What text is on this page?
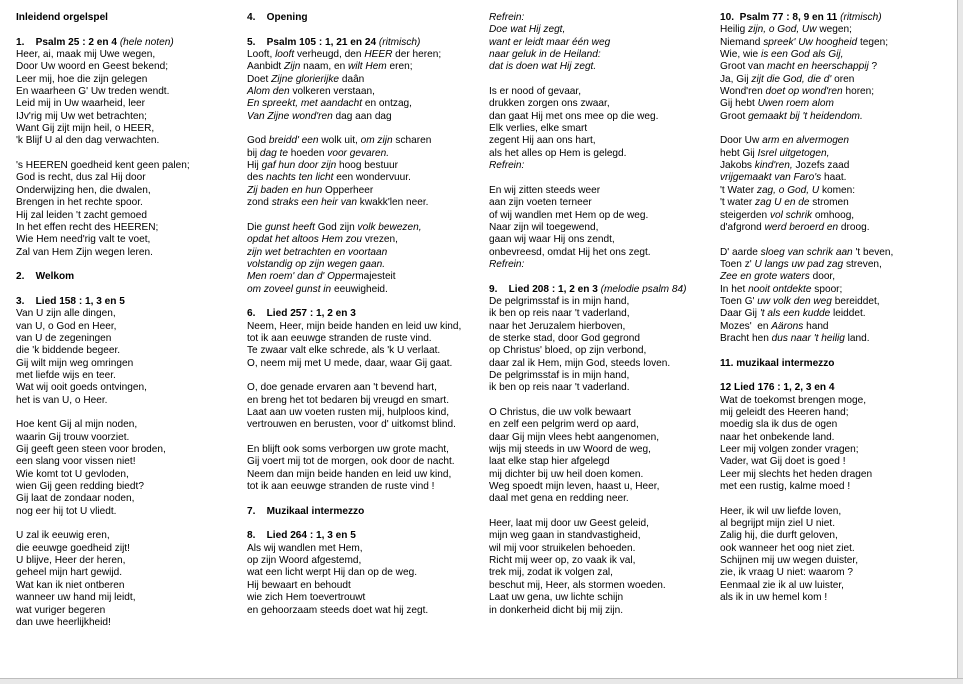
Inleidend orgelspel
1.    Psalm 25 : 2 en 4 (hele noten)
Heer, ai, maak mij Uwe wegen,
Door Uw woord en Geest bekend;
Leer mij, hoe die zijn gelegen
En waarheen G' Uw treden wendt.
Leid mij in Uw waarheid, leer
IJv'rig mij Uw wet betrachten;
Want Gij zijt mijn heil, o HEER,
'k Blijf U al den dag verwachten.
's HEEREN goedheid kent geen palen;
God is recht, dus zal Hij door
Onderwijzing hen, die dwalen,
Brengen in het rechte spoor.
Hij zal leiden 't zacht gemoed
In het effen recht des HEEREN;
Wie Hem need'rig valt te voet,
Zal van Hem Zijn wegen leren.
2.    Welkom
3.    Lied 158 : 1, 3 en 5
Van U zijn alle dingen,
van U, o God en Heer,
van U de zegeningen
die 'k biddende begeer.
Gij wilt mijn weg omringen
met liefde wijs en teer.
Wat wij ooit goeds ontvingen,
het is van U, o Heer.
Hoe kent Gij al mijn noden,
waarin Gij trouw voorziet.
Gij geeft geen steen voor broden,
een slang voor vissen niet!
Wie komt tot U gevloden,
wien Gij geen redding biedt?
Gij laat de zondaar noden,
nog eer hij tot U vliedt.
U zal ik eeuwig eren,
die eeuwge goedheid zijt!
U blijve, Heer der heren,
geheel mijn hart gewijd.
Wat kan ik niet ontberen
wanneer uw hand mij leidt,
wat vuriger begeren
dan uwe heerlijkheid!
4.    Opening
5.    Psalm 105 : 1, 21 en 24 (ritmisch)
Looft, looft verheugd, den HEER der heren;
Aanbidt Zijn naam, en wilt Hem eren;
Doet Zijne glorierijke daân
Alom den volkeren verstaan,
En spreekt, met aandacht en ontzag,
Van Zijne wond'ren dag aan dag
God breidd' een wolk uit, om zijn scharen
bij dag te hoeden voor gevaren.
Hij gaf hun door zijn hoog bestuur
des nachts ten licht een wondervuur.
Zij baden en hun Opperheer
zond straks een heir van kwakk'len neer.
Die gunst heeft God zijn volk bewezen,
opdat het altoos Hem zou vrezen,
zijn wet betrachten en voortaan
volstandig op zijn wegen gaan.
Men roem' dan d' Oppermajesteit
om zoveel gunst in eeuwigheid.
6.    Lied 257 : 1, 2 en 3
Neem, Heer, mijn beide handen en leid uw kind,
tot ik aan eeuwge stranden de ruste vind.
Te zwaar valt elke schrede, als 'k U verlaat.
O, neem mij met U mede, daar, waar Gij gaat.
O, doe genade ervaren aan 't bevend hart,
en breng het tot bedaren bij vreugd en smart.
Laat aan uw voeten rusten mij, hulploos kind,
vertrouwen en berusten, voor d' uitkomst blind.
En blijft ook soms verborgen uw grote macht,
Gij voert mij tot de morgen, ook door de nacht.
Neem dan mijn beide handen en leid uw kind,
tot ik aan eeuwge stranden de ruste vind !
7.    Muzikaal intermezzo
8.    Lied 264 : 1, 3 en 5
Als wij wandlen met Hem,
op zijn Woord afgestemd,
wat een licht werpt Hij dan op de weg.
Hij bewaart en behoudt
wie zich Hem toevertrouwt
en gehoorzaam steeds doet wat hij zegt.
Refrein:
Doe wat Hij zegt,
want er leidt maar één weg
naar geluk in de Heiland:
dat is doen wat Hij zegt.
Is er nood of gevaar,
drukken zorgen ons zwaar,
dan gaat Hij met ons mee op die weg.
Elk verlies, elke smart
zegent Hij aan ons hart,
als het alles op Hem is gelegd.
Refrein:
En wij zitten steeds weer
aan zijn voeten terneer
of wij wandlen met Hem op de weg.
Naar zijn wil toegewend,
gaan wij waar Hij ons zendt,
onbevreesd, omdat Hij het ons zegt.
Refrein:
9.    Lied 208 : 1, 2 en 3 (melodie psalm 84)
De pelgrimsstaf is in mijn hand,
ik ben op reis naar 't vaderland,
naar het Jeruzalem hierboven,
de sterke stad, door God gegrond
op Christus' bloed, op zijn verbond,
daar zal ik Hem, mijn God, steeds loven.
De pelgrimsstaf is in mijn hand,
ik ben op reis naar 't vaderland.
O Christus, die uw volk bewaart
en zelf een pelgrim werd op aard,
daar Gij mijn vlees hebt aangenomen,
wijs mij steeds in uw Woord de weg,
laat elke stap hier afgelegd
mij dichter bij uw heil doen komen.
Weg spoedt mijn leven, haast u, Heer,
daal met gena en redding neer.
Heer, laat mij door uw Geest geleid,
mijn weg gaan in standvastigheid,
wil mij voor struikelen behoeden.
Richt mij weer op, zo vaak ik val,
trek mij, zodat ik volgen zal,
beschut mij, Heer, als stormen woeden.
Laat uw gena, uw lichte schijn
in donkerheid dicht bij mij zijn.
10.  Psalm 77 : 8, 9 en 11 (ritmisch)
Heilig zijn, o God, Uw wegen;
Niemand spreek' Uw hoogheid tegen;
Wie, wie is een God als Gij,
Groot van macht en heerschappij ?
Ja, Gij zijt die God, die d' oren
Wond'ren doet op wond'ren horen;
Gij hebt Uwen roem alom
Groot gemaakt bij 't heidendom.
Door Uw arm en alvermogen
hebt Gij Isrel uitgetogen,
Jakobs kind'ren, Jozefs zaad
vrijgemaakt van Faro's haat.
't Water zag, o God, U komen:
't water zag U en de stromen
steigerden vol schrik omhoog,
d'afgrond werd beroerd en droog.
D' aarde sloeg van schrik aan 't beven,
Toen z' U langs uw pad zag streven,
Zee en grote waters door,
In het nooit ontdekte spoor;
Toen G' uw volk den weg bereiddet,
Daar Gij 't als een kudde leiddet.
Mozes'  en Aärons hand
Bracht hen dus naar 't heilig land.
11. muzikaal intermezzo
12 Lied 176 : 1, 2, 3 en 4
Wat de toekomst brengen moge,
mij geleidt des Heeren hand;
moedig sla ik dus de ogen
naar het onbekende land.
Leer mij volgen zonder vragen;
Vader, wat Gij doet is goed !
Leer mij slechts het heden dragen
met een rustig, kalme moed !
Heer, ik wil uw liefde loven,
al begrijpt mijn ziel U niet.
Zalig hij, die durft geloven,
ook wanneer het oog niet ziet.
Schijnen mij uw wegen duister,
zie, ik vraag U niet: waarom ?
Eenmaal zie ik al uw luister,
als ik in uw hemel kom !
